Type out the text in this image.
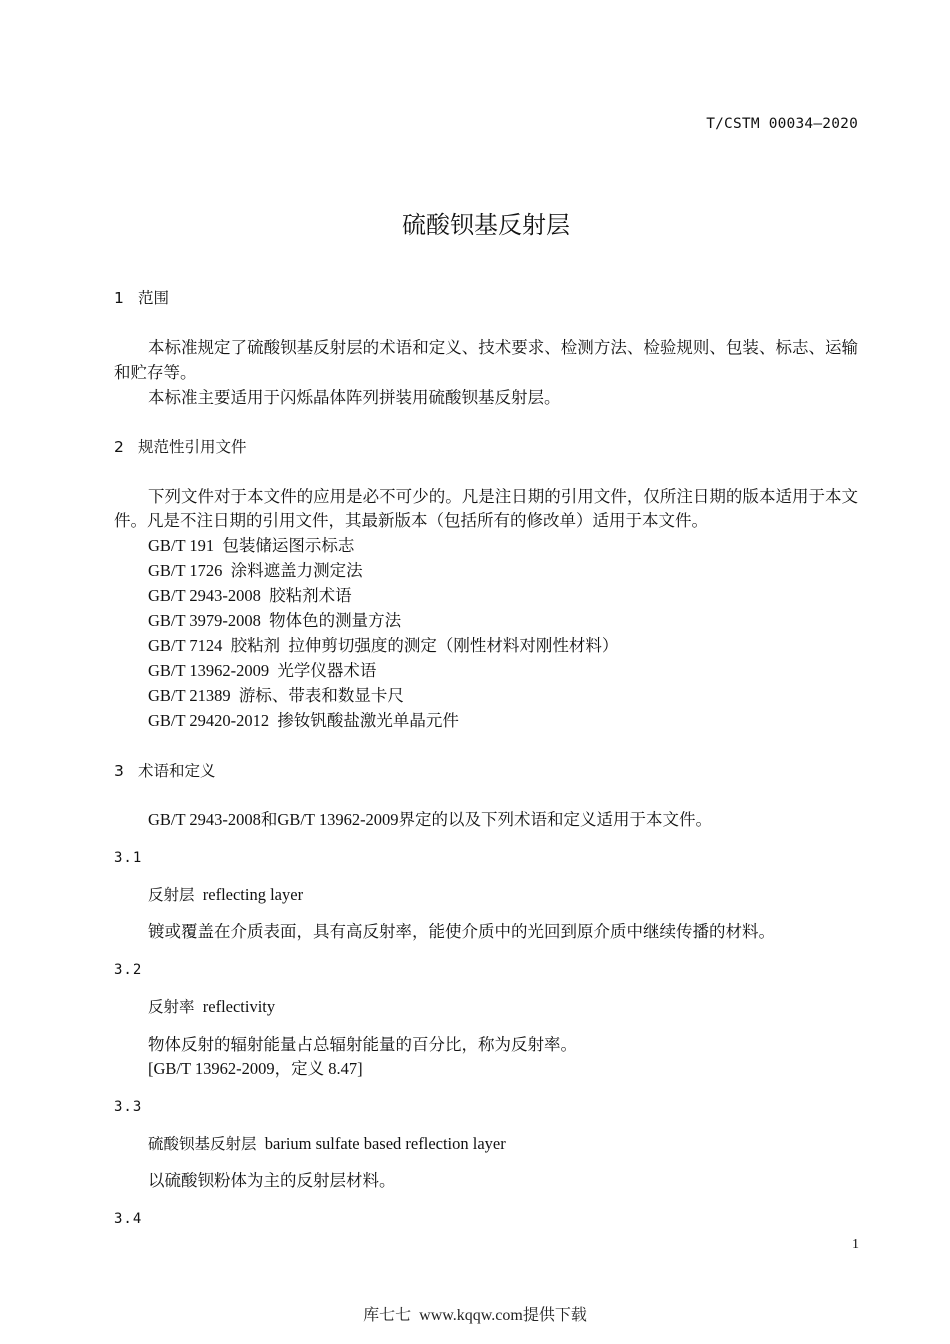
T/CSTM 00034—2020
硫酸钡基反射层
1 范围

本标准规定了硫酸钡基反射层的术语和定义、技术要求、检测方法、检验规则、包装、标志、运输和贮存等。

本标准主要适用于闪烁晶体阵列拼装用硫酸钡基反射层。

2 规范性引用文件

下列文件对于本文件的应用是必不可少的。凡是注日期的引用文件，仅所注日期的版本适用于本文件。凡是不注日期的引用文件，其最新版本（包括所有的修改单）适用于本文件。

GB/T 191 包装储运图示标志

GB/T 1726 涂料遮盖力测定法

GB/T 2943-2008 胶粘剂术语

GB/T 3979-2008 物体色的测量方法

GB/T 7124 胶粘剂  拉伸剪切强度的测定（刚性材料对刚性材料）

GB/T 13962-2009 光学仪器术语

GB/T 21389 游标、带表和数显卡尺

GB/T 29420-2012 掺钕钒酸盐激光单晶元件

3 术语和定义

GB/T 2943-2008和GB/T 13962-2009界定的以及下列术语和定义适用于本文件。

3.1
反射层 reflecting layer
镀或覆盖在介质表面，具有高反射率，能使介质中的光回到原介质中继续传播的材料。
3.2
反射率 reflectivity
物体反射的辐射能量占总辐射能量的百分比，称为反射率。
[GB/T 13962-2009，定义 8.47]
3.3
硫酸钡基反射层 barium sulfate based reflection layer
以硫酸钡粉体为主的反射层材料。
3.4
1
库七七  www.kqqw.com提供下载
